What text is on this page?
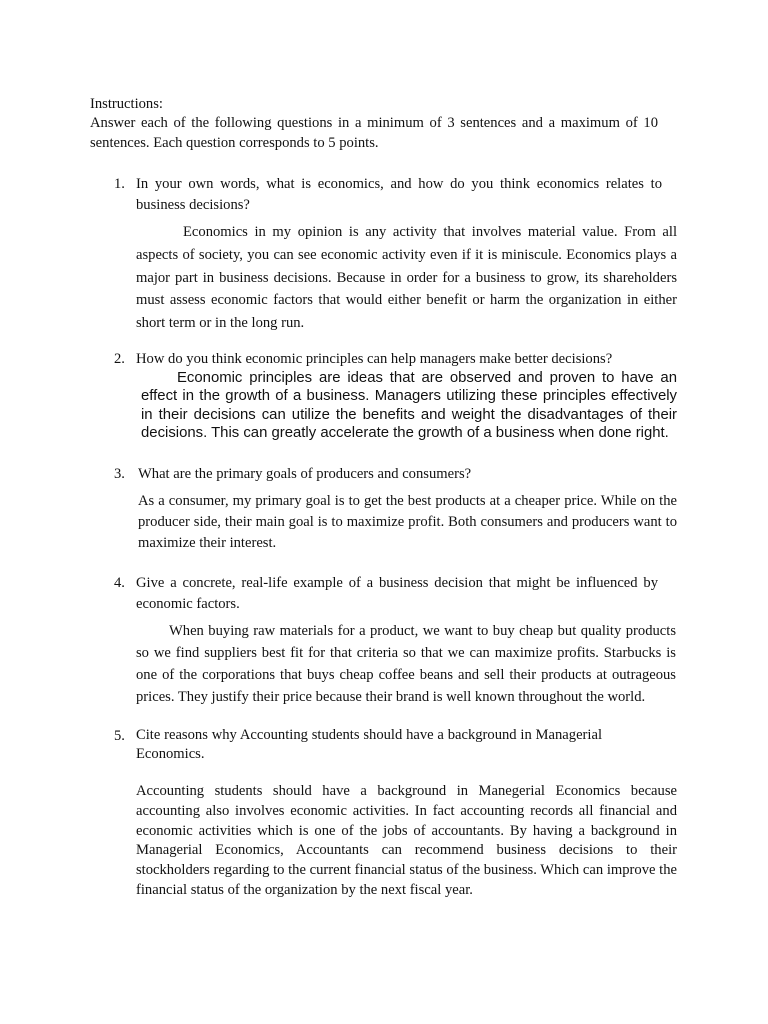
Instructions:

Answer each of the following questions in a minimum of 3 sentences and a maximum of 10 sentences. Each question corresponds to 5 points.

1. In your own words, what is economics, and how do you think economics relates to business decisions?

Economics in my opinion is any activity that involves material value. From all aspects of society, you can see economic activity even if it is miniscule. Economics plays a major part in business decisions. Because in order for a business to grow, its shareholders must assess economic factors that would either benefit or harm the organization in either short term or in the long run.

2. How do you think economic principles can help managers make better decisions?

Economic principles are ideas that are observed and proven to have an effect in the growth of a business. Managers utilizing these principles effectively in their decisions can utilize the benefits and weight the disadvantages of their decisions. This can greatly accelerate the growth of a business when done right.

3. What are the primary goals of producers and consumers?

As a consumer, my primary goal is to get the best products at a cheaper price. While on the producer side, their main goal is to maximize profit. Both consumers and producers want to maximize their interest.

4. Give a concrete, real-life example of a business decision that might be influenced by economic factors.

When buying raw materials for a product, we want to buy cheap but quality products so we find suppliers best fit for that criteria so that we can maximize profits. Starbucks is one of the corporations that buys cheap coffee beans and sell their products at outrageous prices. They justify their price because their brand is well known throughout the world.

5. Cite reasons why Accounting students should have a background in Managerial Economics.

Accounting students should have a background in Manegerial Economics because accounting also involves economic activities. In fact accounting records all financial and economic activities which is one of the jobs of accountants. By having a background in Managerial Economics, Accountants can recommend business decisions to their stockholders regarding to the current financial status of the business. Which can improve the financial status of the organization by the next fiscal year.
